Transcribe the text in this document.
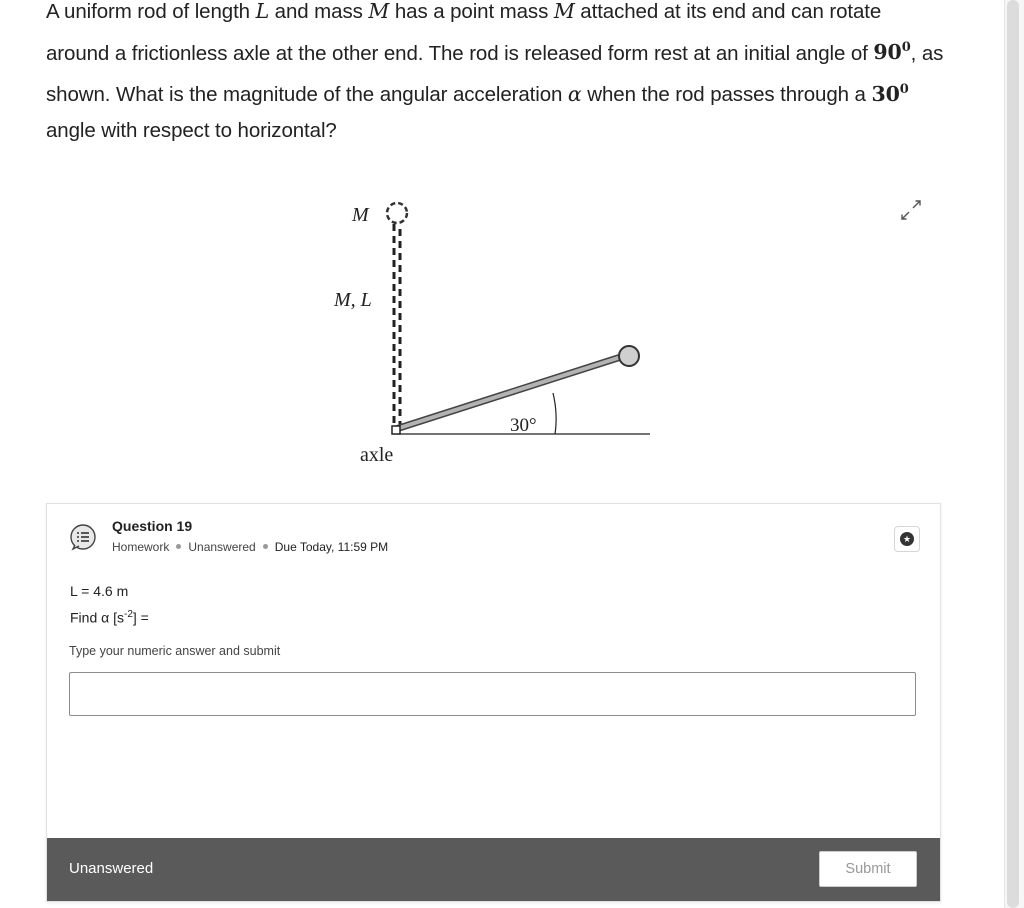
A uniform rod of length L and mass M has a point mass M attached at its end and can rotate around a frictionless axle at the other end. The rod is released form rest at an initial angle of $90^0$, as shown. What is the magnitude of the angular acceleration α when the rod passes through a $30^0$ angle with respect to horizontal?
M
M, L
30°
axle
Question 19
Homework Unanswered Due Today, 11:59 PM
★
L = 4.6 m
Find α $[s^{-2}]$ =
Type your numeric answer and submit
Unanswered	Submit
